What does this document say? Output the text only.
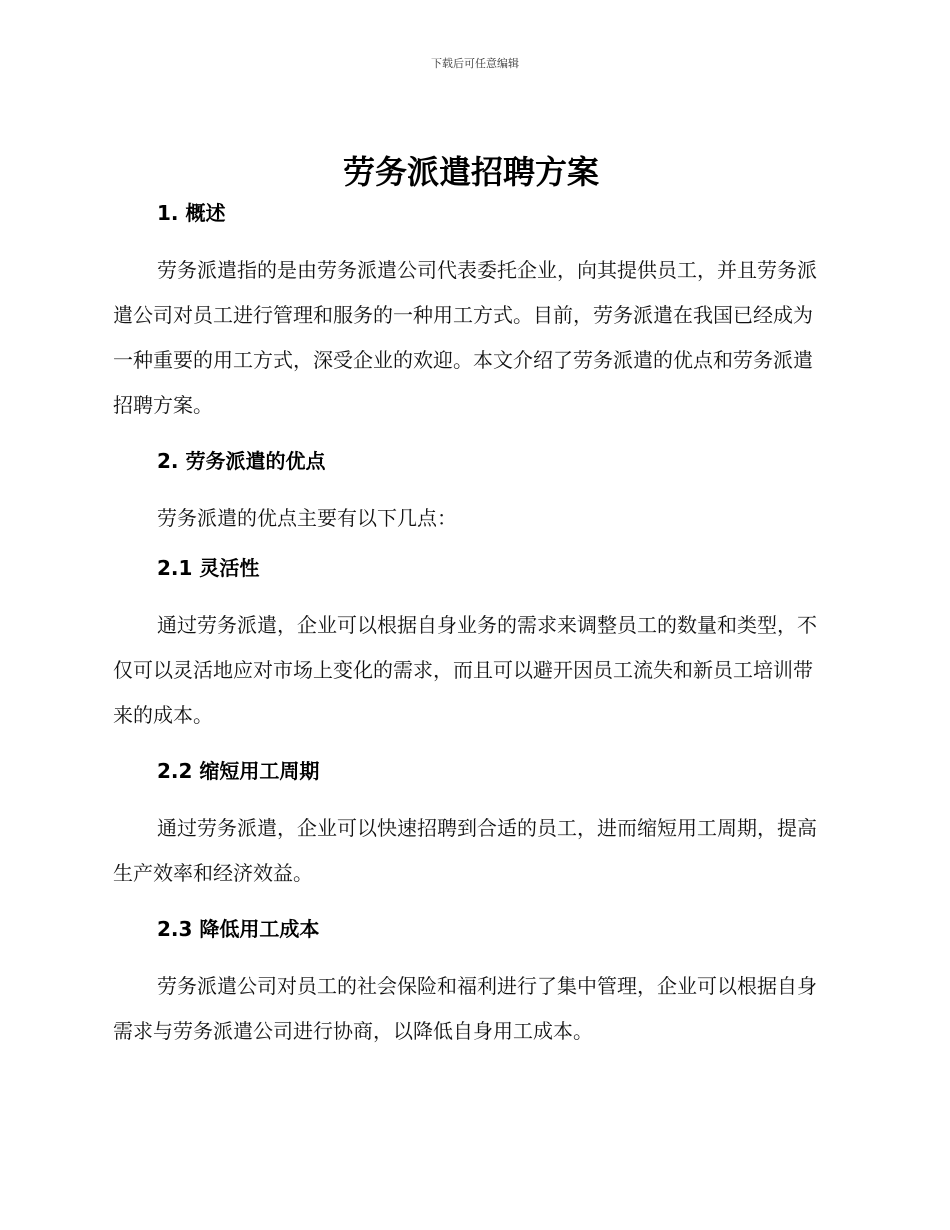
下载后可任意编辑
劳务派遣招聘方案
1. 概述

劳务派遣指的是由劳务派遣公司代表委托企业，向其提供员工，并且劳务派遣公司对员工进行管理和服务的一种用工方式。目前，劳务派遣在我国已经成为一种重要的用工方式，深受企业的欢迎。本文介绍了劳务派遣的优点和劳务派遣招聘方案。

2. 劳务派遣的优点

劳务派遣的优点主要有以下几点：

2.1 灵活性

通过劳务派遣，企业可以根据自身业务的需求来调整员工的数量和类型，不仅可以灵活地应对市场上变化的需求，而且可以避开因员工流失和新员工培训带来的成本。

2.2 缩短用工周期

通过劳务派遣，企业可以快速招聘到合适的员工，进而缩短用工周期，提高生产效率和经济效益。

2.3 降低用工成本

劳务派遣公司对员工的社会保险和福利进行了集中管理，企业可以根据自身需求与劳务派遣公司进行协商，以降低自身用工成本。
